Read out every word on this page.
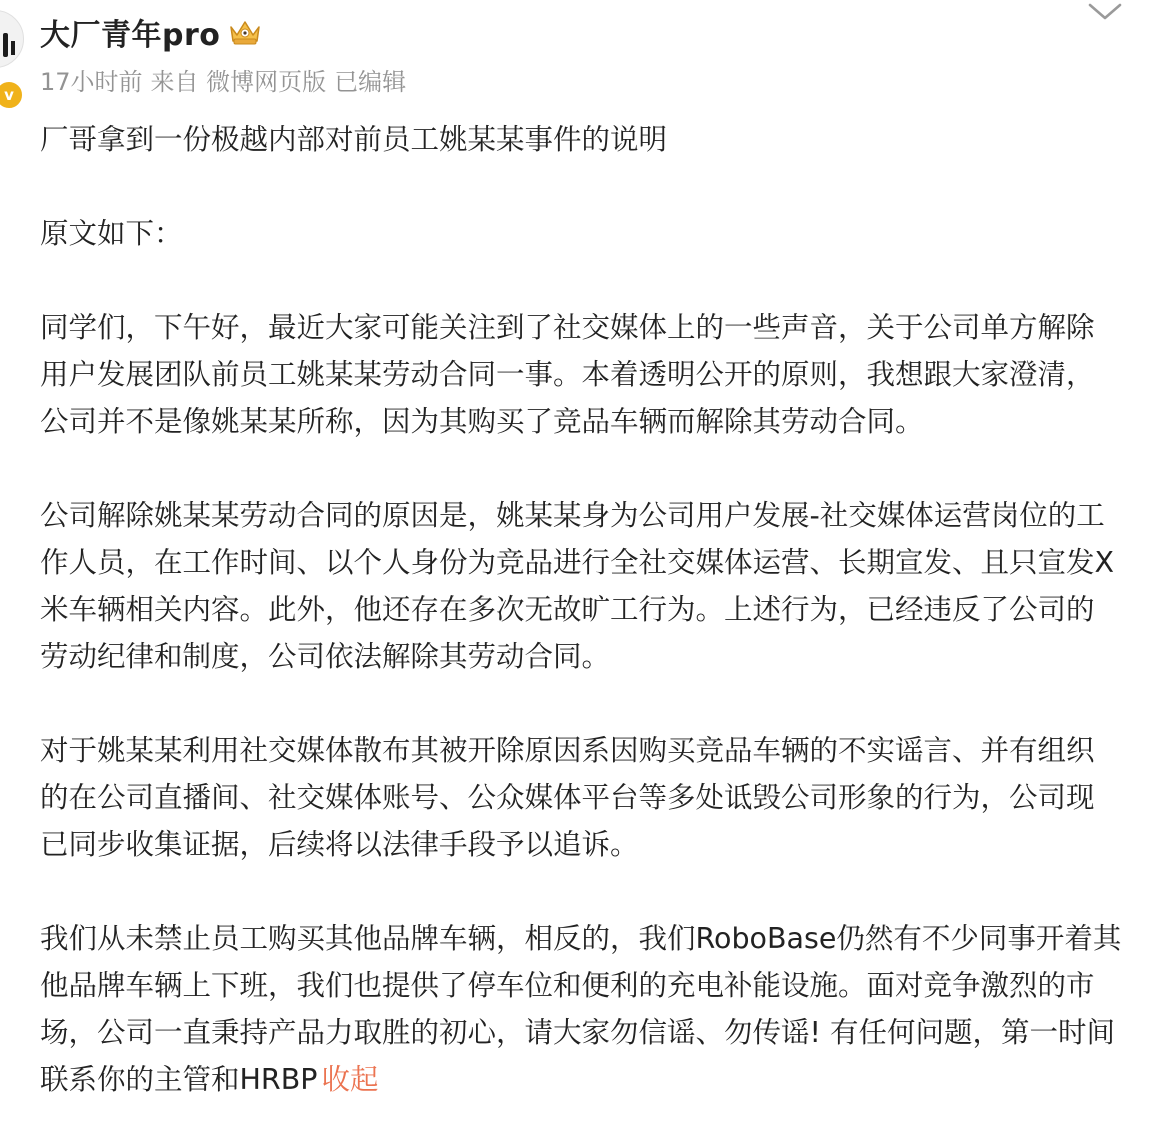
v
大厂青年pro
17小时前 来自 微博网页版 已编辑

厂哥拿到一份极越内部对前员工姚某某事件的说明

原文如下：

同学们，下午好，最近大家可能关注到了社交媒体上的一些声音，关于公司单方解除用户发展团队前员工姚某某劳动合同一事。本着透明公开的原则，我想跟大家澄清，公司并不是像姚某某所称，因为其购买了竞品车辆而解除其劳动合同。

公司解除姚某某劳动合同的原因是，姚某某身为公司用户发展-社交媒体运营岗位的工作人员，在工作时间、以个人身份为竞品进行全社交媒体运营、长期宣发、且只宣发X米车辆相关内容。此外，他还存在多次无故旷工行为。上述行为，已经违反了公司的劳动纪律和制度，公司依法解除其劳动合同。

对于姚某某利用社交媒体散布其被开除原因系因购买竞品车辆的不实谣言、并有组织的在公司直播间、社交媒体账号、公众媒体平台等多处诋毁公司形象的行为，公司现已同步收集证据，后续将以法律手段予以追诉。

我们从未禁止员工购买其他品牌车辆，相反的，我们RoboBase仍然有不少同事开着其他品牌车辆上下班，我们也提供了停车位和便利的充电补能设施。面对竞争激烈的市场，公司一直秉持产品力取胜的初心，请大家勿信谣、勿传谣! 有任何问题，第一时间联系你的主管和HRBP 收起
